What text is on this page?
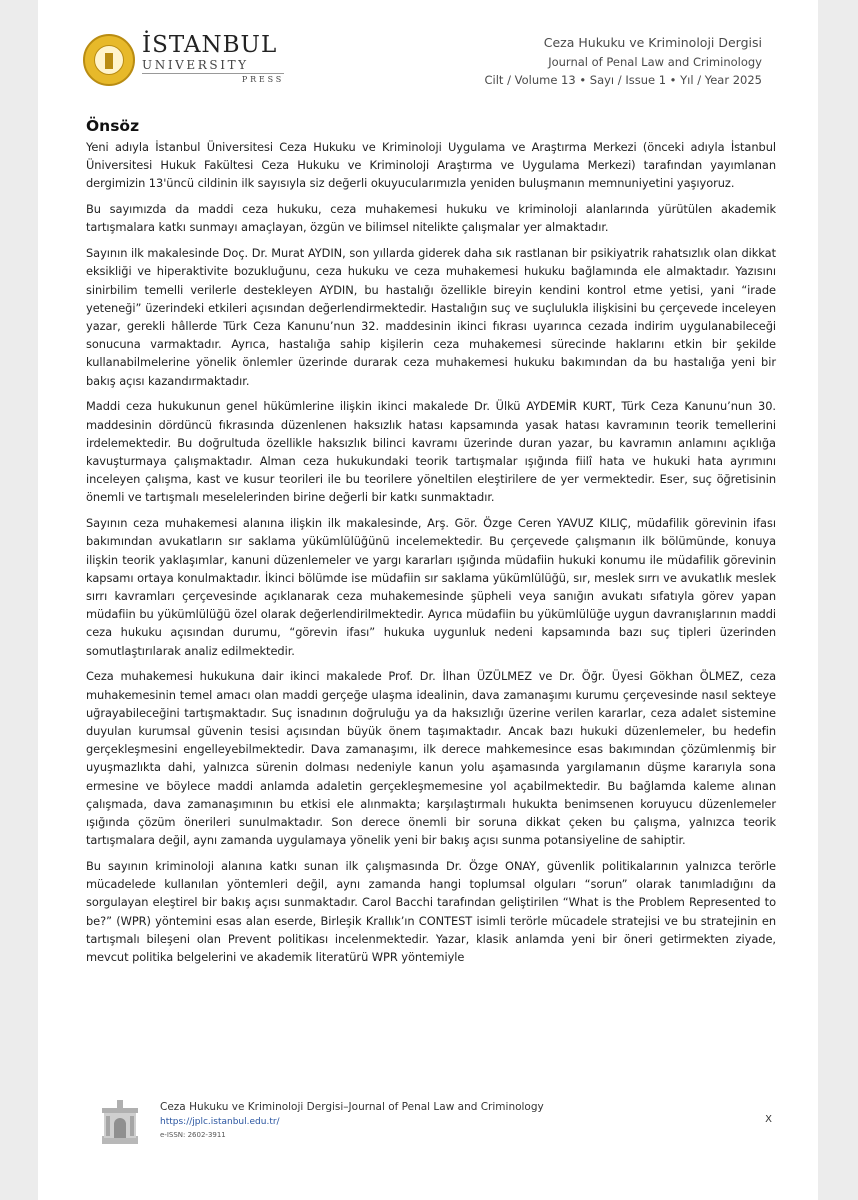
İSTANBUL
UNIVERSITY
PRESS
Ceza Hukuku ve Kriminoloji Dergisi
Journal of Penal Law and Criminology
Cilt / Volume 13 • Sayı / Issue 1 • Yıl / Year 2025
Önsöz

Yeni adıyla İstanbul Üniversitesi Ceza Hukuku ve Kriminoloji Uygulama ve Araştırma Merkezi (önceki adıyla İstanbul Üniversitesi Hukuk Fakültesi Ceza Hukuku ve Kriminoloji Araştırma ve Uygulama Merkezi) tarafından yayımlanan dergimizin 13'üncü cildinin ilk sayısıyla siz değerli okuyucularımızla yeniden buluşmanın memnuniyetini yaşıyoruz.

Bu sayımızda da maddi ceza hukuku, ceza muhakemesi hukuku ve kriminoloji alanlarında yürütülen akademik tartışmalara katkı sunmayı amaçlayan, özgün ve bilimsel nitelikte çalışmalar yer almaktadır.

Sayının ilk makalesinde Doç. Dr. Murat AYDIN, son yıllarda giderek daha sık rastlanan bir psikiyatrik rahatsızlık olan dikkat eksikliği ve hiperaktivite bozukluğunu, ceza hukuku ve ceza muhakemesi hukuku bağlamında ele almaktadır. Yazısını sinirbilim temelli verilerle destekleyen AYDIN, bu hastalığı özellikle bireyin kendini kontrol etme yetisi, yani “irade yeteneği” üzerindeki etkileri açısından değerlendirmektedir. Hastalığın suç ve suçlulukla ilişkisini bu çerçevede inceleyen yazar, gerekli hâllerde Türk Ceza Kanunu’nun 32. maddesinin ikinci fıkrası uyarınca cezada indirim uygulanabileceği sonucuna varmaktadır. Ayrıca, hastalığa sahip kişilerin ceza muhakemesi sürecinde haklarını etkin bir şekilde kullanabilmelerine yönelik önlemler üzerinde durarak ceza muhakemesi hukuku bakımından da bu hastalığa yeni bir bakış açısı kazandırmaktadır.

Maddi ceza hukukunun genel hükümlerine ilişkin ikinci makalede Dr. Ülkü AYDEMİR KURT, Türk Ceza Kanunu’nun 30. maddesinin dördüncü fıkrasında düzenlenen haksızlık hatası kapsamında yasak hatası kavramının teorik temellerini irdelemektedir. Bu doğrultuda özellikle haksızlık bilinci kavramı üzerinde duran yazar, bu kavramın anlamını açıklığa kavuşturmaya çalışmaktadır. Alman ceza hukukundaki teorik tartışmalar ışığında fiilî hata ve hukuki hata ayrımını inceleyen çalışma, kast ve kusur teorileri ile bu teorilere yöneltilen eleştirilere de yer vermektedir. Eser, suç öğretisinin önemli ve tartışmalı meselelerinden birine değerli bir katkı sunmaktadır.

Sayının ceza muhakemesi alanına ilişkin ilk makalesinde, Arş. Gör. Özge Ceren YAVUZ KILIÇ, müdafilik görevinin ifası bakımından avukatların sır saklama yükümlülüğünü incelemektedir. Bu çerçevede çalışmanın ilk bölümünde, konuya ilişkin teorik yaklaşımlar, kanuni düzenlemeler ve yargı kararları ışığında müdafiin hukuki konumu ile müdafilik görevinin kapsamı ortaya konulmaktadır. İkinci bölümde ise müdafiin sır saklama yükümlülüğü, sır, meslek sırrı ve avukatlık meslek sırrı kavramları çerçevesinde açıklanarak ceza muhakemesinde şüpheli veya sanığın avukatı sıfatıyla görev yapan müdafiin bu yükümlülüğü özel olarak değerlendirilmektedir. Ayrıca müdafiin bu yükümlülüğe uygun davranışlarının maddi ceza hukuku açısından durumu, “görevin ifası” hukuka uygunluk nedeni kapsamında bazı suç tipleri üzerinden somutlaştırılarak analiz edilmektedir.

Ceza muhakemesi hukukuna dair ikinci makalede Prof. Dr. İlhan ÜZÜLMEZ ve Dr. Öğr. Üyesi Gökhan ÖLMEZ, ceza muhakemesinin temel amacı olan maddi gerçeğe ulaşma idealinin, dava zamanaşımı kurumu çerçevesinde nasıl sekteye uğrayabileceğini tartışmaktadır. Suç isnadının doğruluğu ya da haksızlığı üzerine verilen kararlar, ceza adalet sistemine duyulan kurumsal güvenin tesisi açısından büyük önem taşımaktadır. Ancak bazı hukuki düzenlemeler, bu hedefin gerçekleşmesini engelleyebilmektedir. Dava zamanaşımı, ilk derece mahkemesince esas bakımından çözümlenmiş bir uyuşmazlıkta dahi, yalnızca sürenin dolması nedeniyle kanun yolu aşamasında yargılamanın düşme kararıyla sona ermesine ve böylece maddi anlamda adaletin gerçekleşmemesine yol açabilmektedir. Bu bağlamda kaleme alınan çalışmada, dava zamanaşımının bu etkisi ele alınmakta; karşılaştırmalı hukukta benimsenen koruyucu düzenlemeler ışığında çözüm önerileri sunulmaktadır. Son derece önemli bir soruna dikkat çeken bu çalışma, yalnızca teorik tartışmalara değil, aynı zamanda uygulamaya yönelik yeni bir bakış açısı sunma potansiyeline de sahiptir.

Bu sayının kriminoloji alanına katkı sunan ilk çalışmasında Dr. Özge ONAY, güvenlik politikalarının yalnızca terörle mücadelede kullanılan yöntemleri değil, aynı zamanda hangi toplumsal olguları “sorun” olarak tanımladığını da sorgulayan eleştirel bir bakış açısı sunmaktadır. Carol Bacchi tarafından geliştirilen “What is the Problem Represented to be?” (WPR) yöntemini esas alan eserde, Birleşik Krallık’ın CONTEST isimli terörle mücadele stratejisi ve bu stratejinin en tartışmalı bileşeni olan Prevent politikası incelenmektedir. Yazar, klasik anlamda yeni bir öneri getirmekten ziyade, mevcut politika belgelerini ve akademik literatürü WPR yöntemiyle

Ceza Hukuku ve Kriminoloji Dergisi–Journal of Penal Law and Criminology
https://jplc.istanbul.edu.tr/
e-ISSN: 2602-3911
X
